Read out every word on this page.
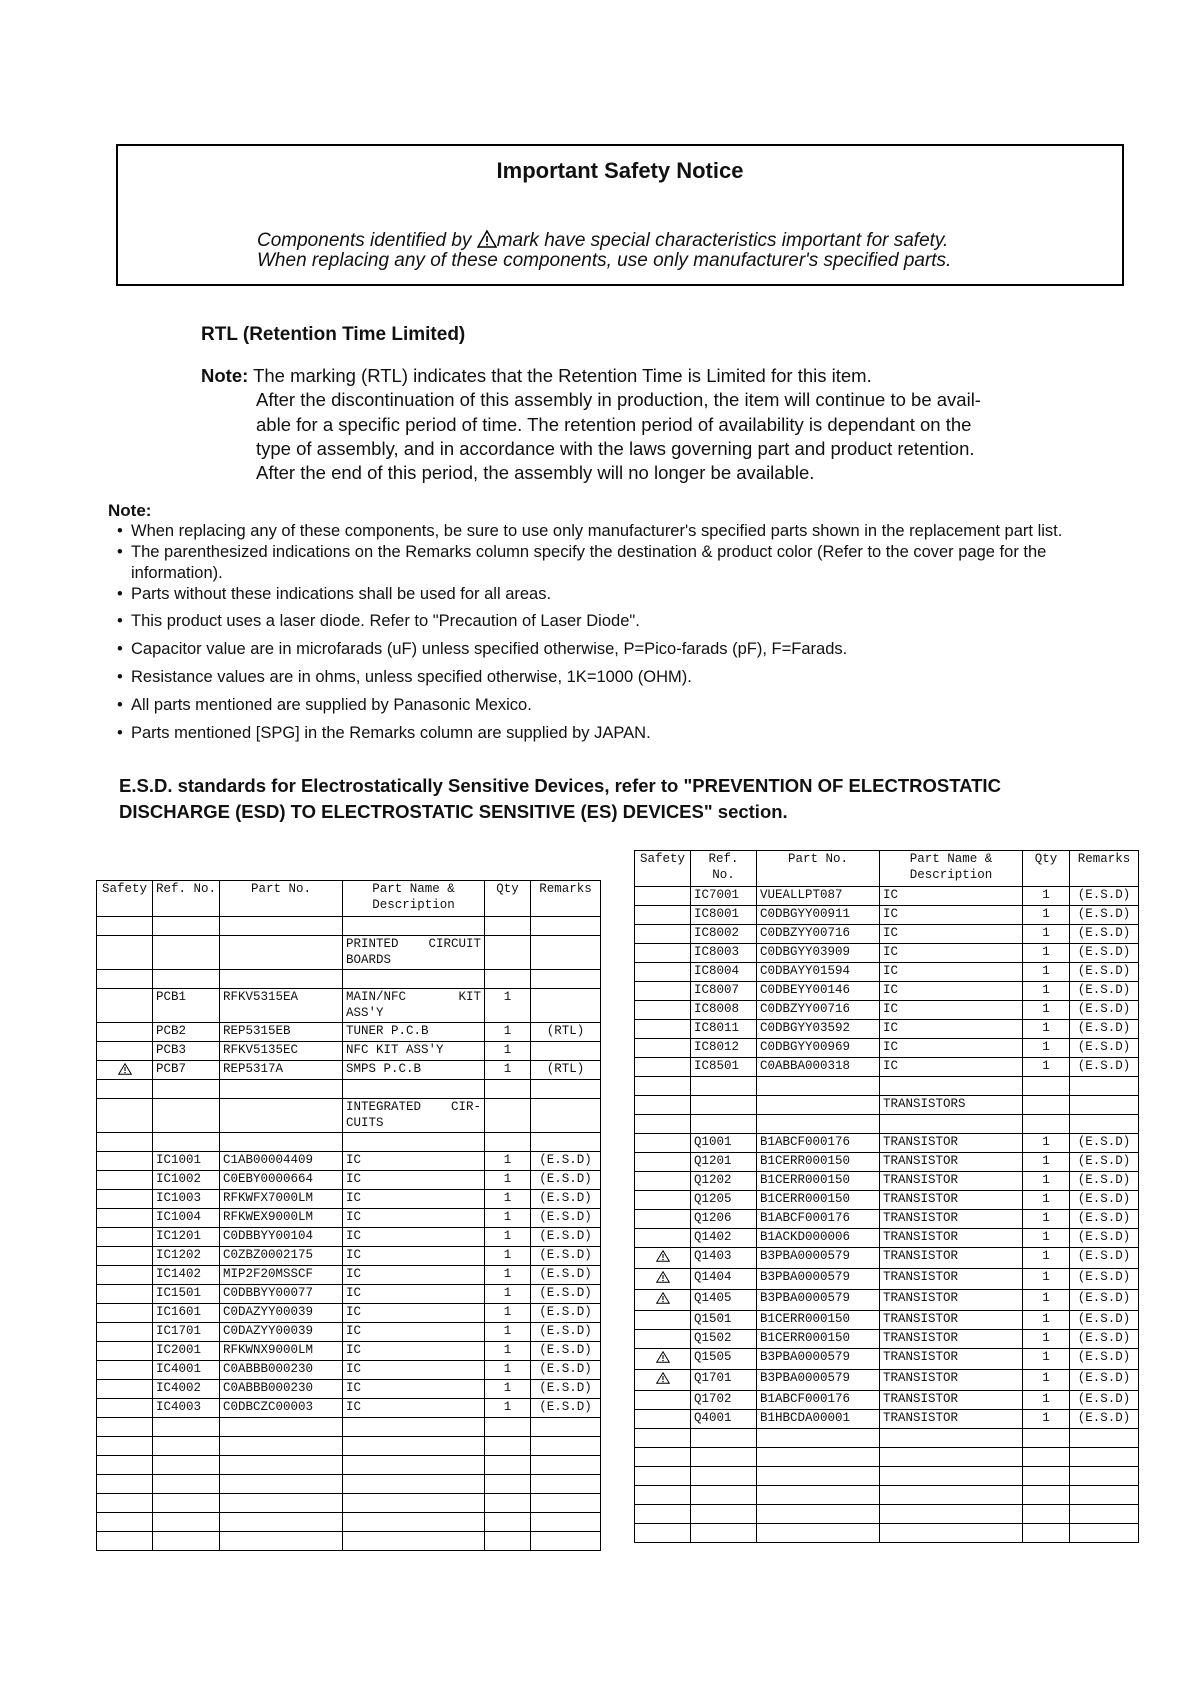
Important Safety Notice
Components identified by mark have special characteristics important for safety.
When replacing any of these components, use only manufacturer's specified parts.
RTL (Retention Time Limited)
Note: The marking (RTL) indicates that the Retention Time is Limited for this item.
After the discontinuation of this assembly in production, the item will continue to be avail-
able for a specific period of time. The retention period of availability is dependant on the
type of assembly, and in accordance with the laws governing part and product retention.
After the end of this period, the assembly will no longer be available.
Note:
• When replacing any of these components, be sure to use only manufacturer's specified parts shown in the replacement part list.
• The parenthesized indications on the Remarks column specify the destination & product color (Refer to the cover page for the information).
• Parts without these indications shall be used for all areas.
• This product uses a laser diode. Refer to "Precaution of Laser Diode".
• Capacitor value are in microfarads (uF) unless specified otherwise, P=Pico-farads (pF), F=Farads.
• Resistance values are in ohms, unless specified otherwise, 1K=1000 (OHM).
• All parts mentioned are supplied by Panasonic Mexico.
• Parts mentioned [SPG] in the Remarks column are supplied by JAPAN.
E.S.D. standards for Electrostatically Sensitive Devices, refer to "PREVENTION OF ELECTROSTATIC DISCHARGE (ESD) TO ELECTROSTATIC SENSITIVE (ES) DEVICES" section.
Safety	Ref. No.	Part No.	Part Name & Description	Qty	Remarks

			PRINTED CIRCUIT BOARDS		

	PCB1	RFKV5315EA	MAIN/NFC KIT ASS'Y	1	
	PCB2	REP5315EB	TUNER P.C.B	1	(RTL)
	PCB3	RFKV5135EC	NFC KIT ASS'Y	1	

	PCB7	REP5317A	SMPS P.C.B	1	(RTL)

			INTEGRATED CIR- CUITS		

	IC1001	C1AB00004409	IC	1	(E.S.D)
	IC1002	C0EBY0000664	IC	1	(E.S.D)
	IC1003	RFKWFX7000LM	IC	1	(E.S.D)
	IC1004	RFKWEX9000LM	IC	1	(E.S.D)
	IC1201	C0DBBYY00104	IC	1	(E.S.D)
	IC1202	C0ZBZ0002175	IC	1	(E.S.D)
	IC1402	MIP2F20MSSCF	IC	1	(E.S.D)
	IC1501	C0DBBYY00077	IC	1	(E.S.D)
	IC1601	C0DAZYY00039	IC	1	(E.S.D)
	IC1701	C0DAZYY00039	IC	1	(E.S.D)
	IC2001	RFKWNX9000LM	IC	1	(E.S.D)
	IC4001	C0ABBB000230	IC	1	(E.S.D)
	IC4002	C0ABBB000230	IC	1	(E.S.D)
	IC4003	C0DBCZC00003	IC	1	(E.S.D)

Safety	Ref. No.	Part No.	Part Name & Description	Qty	Remarks
	IC7001	VUEALLPT087	IC	1	(E.S.D)
	IC8001	C0DBGYY00911	IC	1	(E.S.D)
	IC8002	C0DBZYY00716	IC	1	(E.S.D)
	IC8003	C0DBGYY03909	IC	1	(E.S.D)
	IC8004	C0DBAYY01594	IC	1	(E.S.D)
	IC8007	C0DBEYY00146	IC	1	(E.S.D)
	IC8008	C0DBZYY00716	IC	1	(E.S.D)
	IC8011	C0DBGYY03592	IC	1	(E.S.D)
	IC8012	C0DBGYY00969	IC	1	(E.S.D)
	IC8501	C0ABBA000318	IC	1	(E.S.D)

			TRANSISTORS		

	Q1001	B1ABCF000176	TRANSISTOR	1	(E.S.D)
	Q1201	B1CERR000150	TRANSISTOR	1	(E.S.D)
	Q1202	B1CERR000150	TRANSISTOR	1	(E.S.D)
	Q1205	B1CERR000150	TRANSISTOR	1	(E.S.D)
	Q1206	B1ABCF000176	TRANSISTOR	1	(E.S.D)
	Q1402	B1ACKD000006	TRANSISTOR	1	(E.S.D)

	Q1403	B3PBA0000579	TRANSISTOR	1	(E.S.D)

	Q1404	B3PBA0000579	TRANSISTOR	1	(E.S.D)

	Q1405	B3PBA0000579	TRANSISTOR	1	(E.S.D)
	Q1501	B1CERR000150	TRANSISTOR	1	(E.S.D)
	Q1502	B1CERR000150	TRANSISTOR	1	(E.S.D)

	Q1505	B3PBA0000579	TRANSISTOR	1	(E.S.D)

	Q1701	B3PBA0000579	TRANSISTOR	1	(E.S.D)
	Q1702	B1ABCF000176	TRANSISTOR	1	(E.S.D)
	Q4001	B1HBCDA00001	TRANSISTOR	1	(E.S.D)
